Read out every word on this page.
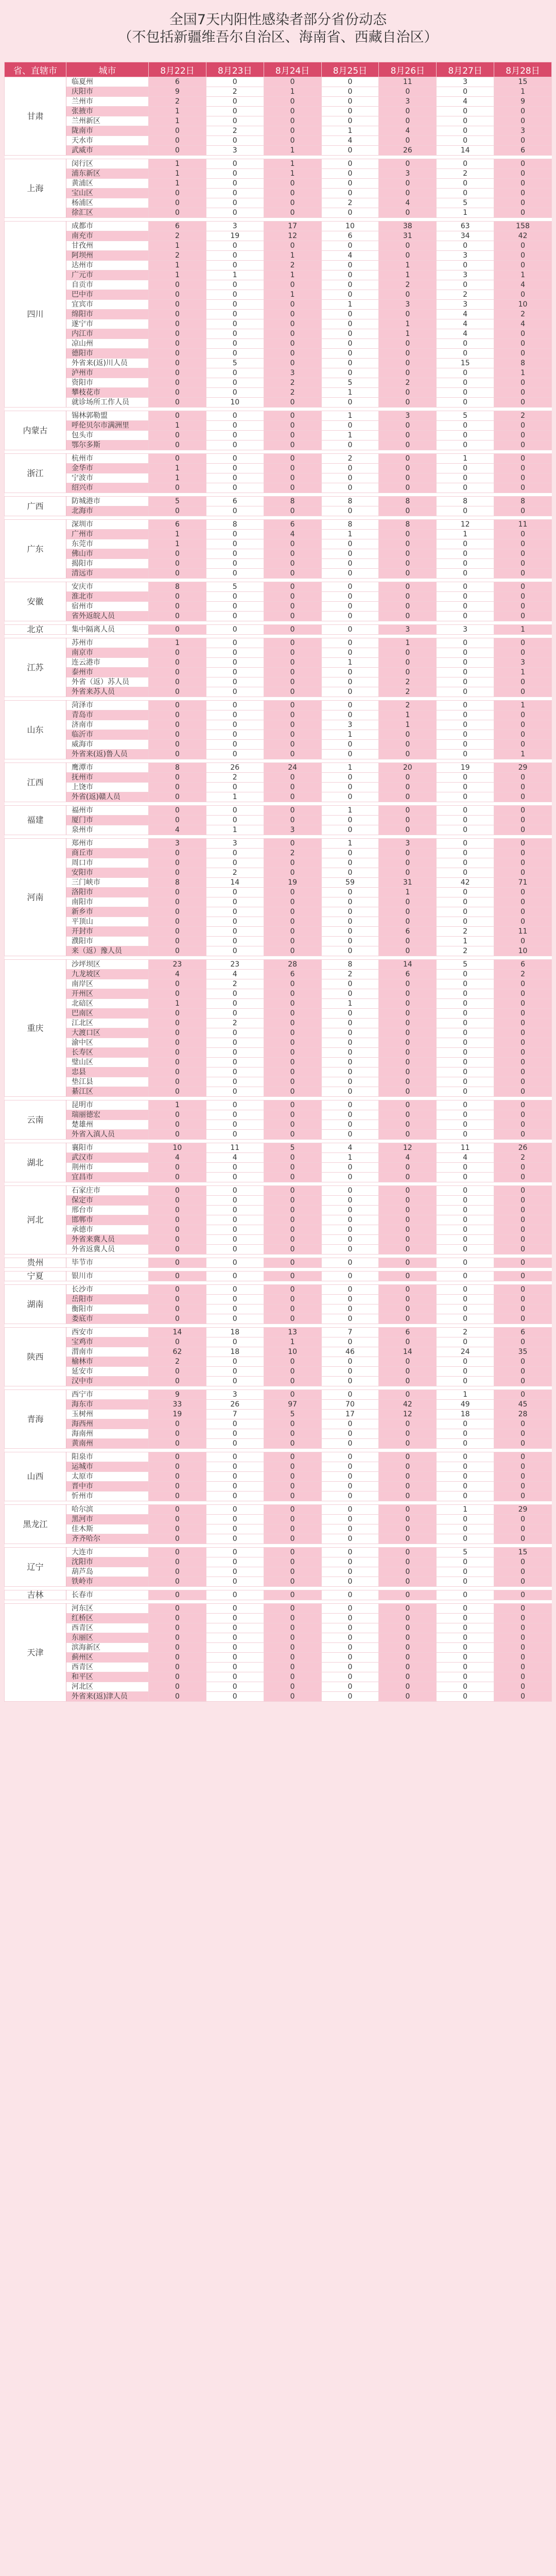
全国7天内阳性感染者部分省份动态
（不包括新疆维吾尔自治区、海南省、西藏自治区）
省、直辖市	城市	8月22日	8月23日	8月24日	8月25日	8月26日	8月27日	8月28日
甘肃	临夏州	6	0	0	0	11	3	15
	庆阳市	9	2	1	0	0	0	1
	兰州市	2	0	0	0	3	4	9
	张掖市	1	0	0	0	0	0	0
	兰州新区	1	0	0	0	0	0	0
	陇南市	0	2	0	1	4	0	3
	天水市	0	0	0	4	0	0	0
	武威市	0	3	1	0	26	14	6

上海	闵行区	1	0	1	0	0	0	0
	浦东新区	1	0	1	0	3	2	0
	黄浦区	1	0	0	0	0	0	0
	宝山区	0	0	0	0	0	0	0
	杨浦区	0	0	0	2	4	5	0
	徐汇区	0	0	0	0	0	1	0

四川	成都市	6	3	17	10	38	63	158
	南充市	2	19	12	6	31	34	42
	甘孜州	1	0	0	0	0	0	0
	阿坝州	2	0	1	4	0	3	0
	达州市	1	0	2	0	1	0	0
	广元市	1	1	1	0	1	3	1
	自贡市	0	0	0	0	2	0	4
	巴中市	0	0	1	0	0	2	0
	宜宾市	0	0	0	1	3	3	10
	绵阳市	0	0	0	0	0	4	2
	遂宁市	0	0	0	0	1	4	4
	内江市	0	0	0	0	1	4	0
	凉山州	0	0	0	0	0	0	0
	德阳市	0	0	0	0	0	0	0
	外省来(返)川人员	0	5	0	0	0	15	8
	泸州市	0	0	3	0	0	0	1
	资阳市	0	0	2	5	2	0	0
	攀枝花市	0	0	2	1	0	0	0
	就诊场所工作人员	0	10	0	0	0	0	0

内蒙古	锡林郭勒盟	0	0	0	1	3	5	2
	呼伦贝尔市满洲里	1	0	0	0	0	0	0
	包头市	0	0	0	1	0	0	0
	鄂尔多斯	0	0	0	0	0	0	0

浙江	杭州市	0	0	0	2	0	1	0
	金华市	1	0	0	0	0	0	0
	宁波市	1	0	0	0	0	0	0
	绍兴市	0	0	0	0	0	0	0

广西	防城港市	5	6	8	8	8	8	8
	北海市	0	0	0	0	0	0	0

广东	深圳市	6	8	6	8	8	12	11
	广州市	1	0	4	1	0	1	0
	东莞市	1	0	0	0	0	0	0
	佛山市	0	0	0	0	0	0	0
	揭阳市	0	0	0	0	0	0	0
	清远市	0	0	0	0	0	0	0

安徽	安庆市	8	5	0	0	0	0	0
	淮北市	0	0	0	0	0	0	0
	宿州市	0	0	0	0	0	0	0
	省外返皖人员	0	0	0	0	0	0	0

北京	集中隔离人员	0	0	0	0	3	3	1

江苏	苏州市	1	0	0	0	1	0	0
	南京市	0	0	0	0	0	0	0
	连云港市	0	0	0	1	0	0	3
	泰州市	0	0	0	0	0	0	1
	外省（返）苏人员	0	0	0	0	2	0	0
	外省来苏人员	0	0	0	0	2	0	0

山东	菏泽市	0	0	0	0	2	0	1
	青岛市	0	0	0	0	1	0	0
	济南市	0	0	0	3	1	0	0
	临沂市	0	0	0	1	0	0	0
	威海市	0	0	0	0	0	0	0
	外省来(返)鲁人员	0	0	0	0	0	0	1

江西	鹰潭市	8	26	24	1	20	19	29
	抚州市	0	2	0	0	0	0	0
	上饶市	0	0	0	0	0	0	0
	外省(返)赣人员	0	1	0	0	0	0	0

福建	福州市	0	0	0	1	0	0	0
	厦门市	0	0	0	0	0	0	0
	泉州市	4	1	3	0	0	0	0

河南	郑州市	3	3	0	1	3	0	0
	商丘市	0	0	2	0	0	0	0
	周口市	0	0	0	0	0	0	0
	安阳市	0	2	0	0	0	0	0
	三门峡市	8	14	19	59	31	42	71
	洛阳市	0	0	0	0	1	0	0
	南阳市	0	0	0	0	0	0	0
	新乡市	0	0	0	0	0	0	0
	平顶山	0	0	0	0	0	0	0
	开封市	0	0	0	0	6	2	11
	濮阳市	0	0	0	0	0	1	0
	来（返）豫人员	0	0	0	0	0	2	10

重庆	沙坪坝区	23	23	28	8	14	5	6
	九龙坡区	4	4	6	2	6	0	2
	南岸区	0	2	0	0	0	0	0
	开州区	0	0	0	0	0	0	0
	北碚区	1	0	0	1	0	0	0
	巴南区	0	0	0	0	0	0	0
	江北区	0	2	0	0	0	0	0
	大渡口区	0	0	0	0	0	0	0
	渝中区	0	0	0	0	0	0	0
	长寿区	0	0	0	0	0	0	0
	璧山区	0	0	0	0	0	0	0
	忠县	0	0	0	0	0	0	0
	垫江县	0	0	0	0	0	0	0
	綦江区	0	0	0	0	0	0	0

云南	昆明市	1	0	0	0	0	0	0
	瑞丽德宏	0	0	0	0	0	0	0
	楚雄州	0	0	0	0	0	0	0
	外省入滇人员	0	0	0	0	0	0	0

湖北	襄阳市	10	11	5	4	12	11	26
	武汉市	4	4	0	1	4	4	2
	荆州市	0	0	0	0	0	0	0
	宜昌市	0	0	0	0	0	0	0

河北	石家庄市	0	0	0	0	0	0	0
	保定市	0	0	0	0	0	0	0
	邢台市	0	0	0	0	0	0	0
	邯郸市	0	0	0	0	0	0	0
	承德市	0	0	0	0	0	0	0
	外省来冀人员	0	0	0	0	0	0	0
	外省返冀人员	0	0	0	0	0	0	0

贵州	毕节市	0	0	0	0	0	0	0

宁夏	银川市	0	0	0	0	0	0	0

湖南	长沙市	0	0	0	0	0	0	0
	岳阳市	0	0	0	0	0	0	0
	衡阳市	0	0	0	0	0	0	0
	娄底市	0	0	0	0	0	0	0

陕西	西安市	14	18	13	7	6	2	6
	宝鸡市	0	0	1	0	0	0	0
	渭南市	62	18	10	46	14	24	35
	榆林市	2	0	0	0	0	0	0
	延安市	0	0	0	0	0	0	0
	汉中市	0	0	0	0	0	0	0

青海	西宁市	9	3	0	0	0	1	0
	海东市	33	26	97	70	42	49	45
	玉树州	19	7	5	17	12	18	28
	海西州	0	0	0	0	0	0	0
	海南州	0	0	0	0	0	0	0
	黄南州	0	0	0	0	0	0	0

山西	阳泉市	0	0	0	0	0	0	0
	运城市	0	0	0	0	0	0	0
	太原市	0	0	0	0	0	0	0
	晋中市	0	0	0	0	0	0	0
	忻州市	0	0	0	0	0	0	0

黑龙江	哈尔滨	0	0	0	0	0	1	29
	黑河市	0	0	0	0	0	0	0
	佳木斯	0	0	0	0	0	0	0
	齐齐哈尔	0	0	0	0	0	0	0

辽宁	大连市	0	0	0	0	0	5	15
	沈阳市	0	0	0	0	0	0	0
	葫芦岛	0	0	0	0	0	0	0
	铁岭市	0	0	0	0	0	0	0

吉林	长春市	0	0	0	0	0	0	0

天津	河东区	0	0	0	0	0	0	0
	红桥区	0	0	0	0	0	0	0
	西青区	0	0	0	0	0	0	0
	东丽区	0	0	0	0	0	0	0
	滨海新区	0	0	0	0	0	0	0
	蓟州区	0	0	0	0	0	0	0
	西青区	0	0	0	0	0	0	0
	和平区	0	0	0	0	0	0	0
	河北区	0	0	0	0	0	0	0
	外省来(返)津人员	0	0	0	0	0	0	0
